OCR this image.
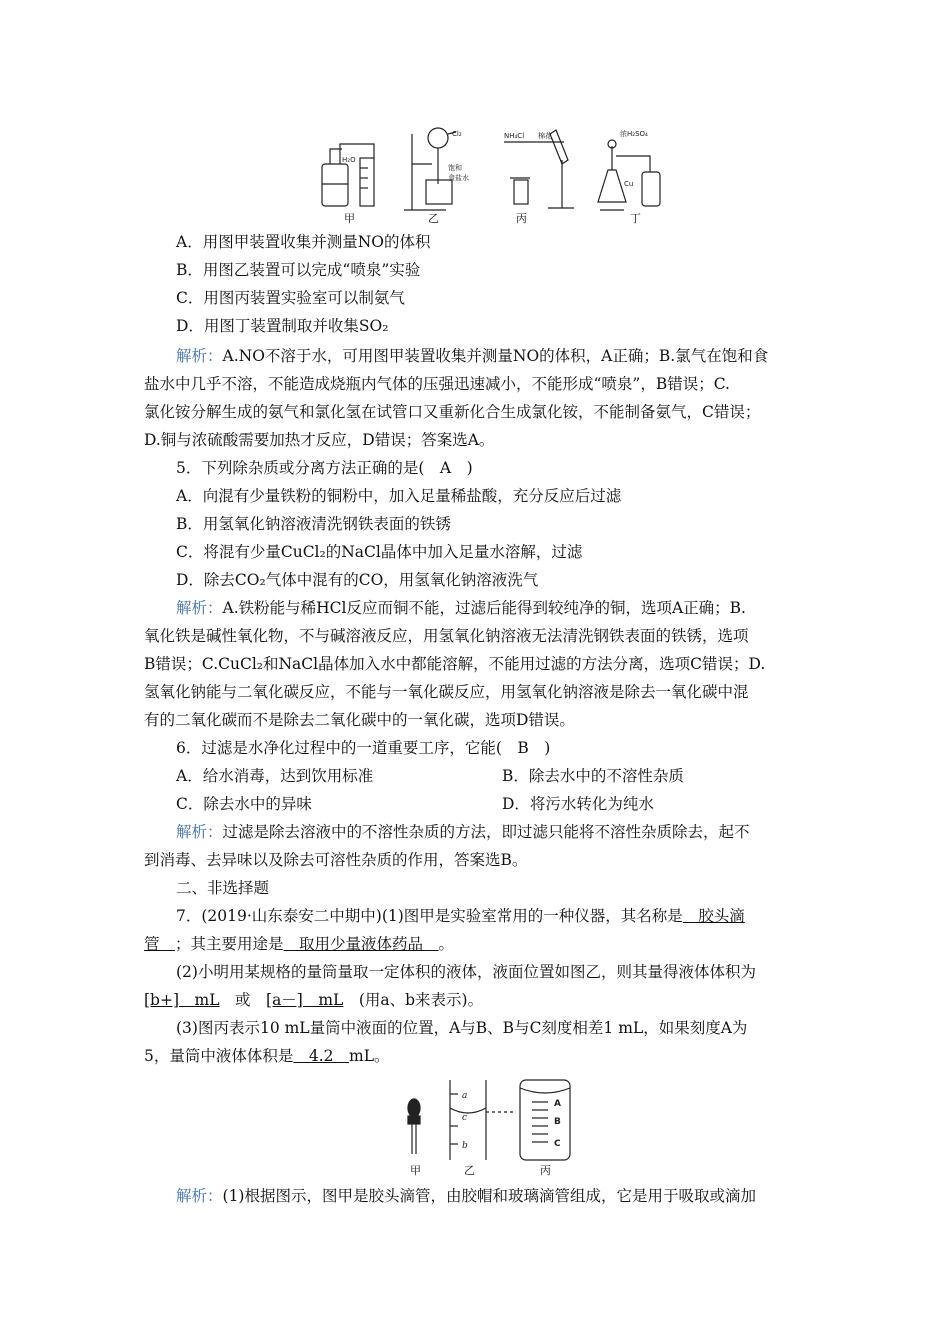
H₂O
Cl₂
饱和
食盐水
NH₄Cl 棉花	浓H₂SO₄
Cu
甲	乙	丙	丁
A．用图甲装置收集并测量NO的体积
B．用图乙装置可以完成“喷泉”实验
C．用图丙装置实验室可以制氨气
D．用图丁装置制取并收集SO₂
解析：A.NO不溶于水，可用图甲装置收集并测量NO的体积，A正确；B.氯气在饱和食
盐水中几乎不溶，不能造成烧瓶内气体的压强迅速减小，不能形成“喷泉”，B错误；C.
氯化铵分解生成的氨气和氯化氢在试管口又重新化合生成氯化铵，不能制备氨气，C错误；
D.铜与浓硫酸需要加热才反应，D错误；答案选A。
5．下列除杂质或分离方法正确的是(　A　)
A．向混有少量铁粉的铜粉中，加入足量稀盐酸，充分反应后过滤
B．用氢氧化钠溶液清洗钢铁表面的铁锈
C．将混有少量CuCl₂的NaCl晶体中加入足量水溶解，过滤
D．除去CO₂气体中混有的CO，用氢氧化钠溶液洗气
解析：A.铁粉能与稀HCl反应而铜不能，过滤后能得到较纯净的铜，选项A正确；B.
氧化铁是碱性氧化物，不与碱溶液反应，用氢氧化钠溶液无法清洗钢铁表面的铁锈，选项
B错误；C.CuCl₂和NaCl晶体加入水中都能溶解，不能用过滤的方法分离，选项C错误；D.
氢氧化钠能与二氧化碳反应，不能与一氧化碳反应，用氢氧化钠溶液是除去一氧化碳中混
有的二氧化碳而不是除去二氧化碳中的一氧化碳，选项D错误。
6．过滤是水净化过程中的一道重要工序，它能(　B　)
A．给水消毒，达到饮用标准	B．除去水中的不溶性杂质
C．除去水中的异味	D．将污水转化为纯水
解析：过滤是除去溶液中的不溶性杂质的方法，即过滤只能将不溶性杂质除去，起不
到消毒、去异味以及除去可溶性杂质的作用，答案选B。
二、非选择题
7．(2019·山东泰安二中期中)(1)图甲是实验室常用的一种仪器，其名称是　胶头滴
管　；其主要用途是　取用少量液体药品　。
(2)小明用某规格的量筒量取一定体积的液体，液面位置如图乙，则其量得液体体积为
[b+]　mL　或　[a－]　mL　(用a、b来表示)。
(3)图丙表示10 mL量筒中液面的位置，A与B、B与C刻度相差1 mL，如果刻度A为
5，量筒中液体体积是　4.2　mL。
a
c
b
A
B
C
甲	乙	丙
解析：(1)根据图示，图甲是胶头滴管，由胶帽和玻璃滴管组成，它是用于吸取或滴加
